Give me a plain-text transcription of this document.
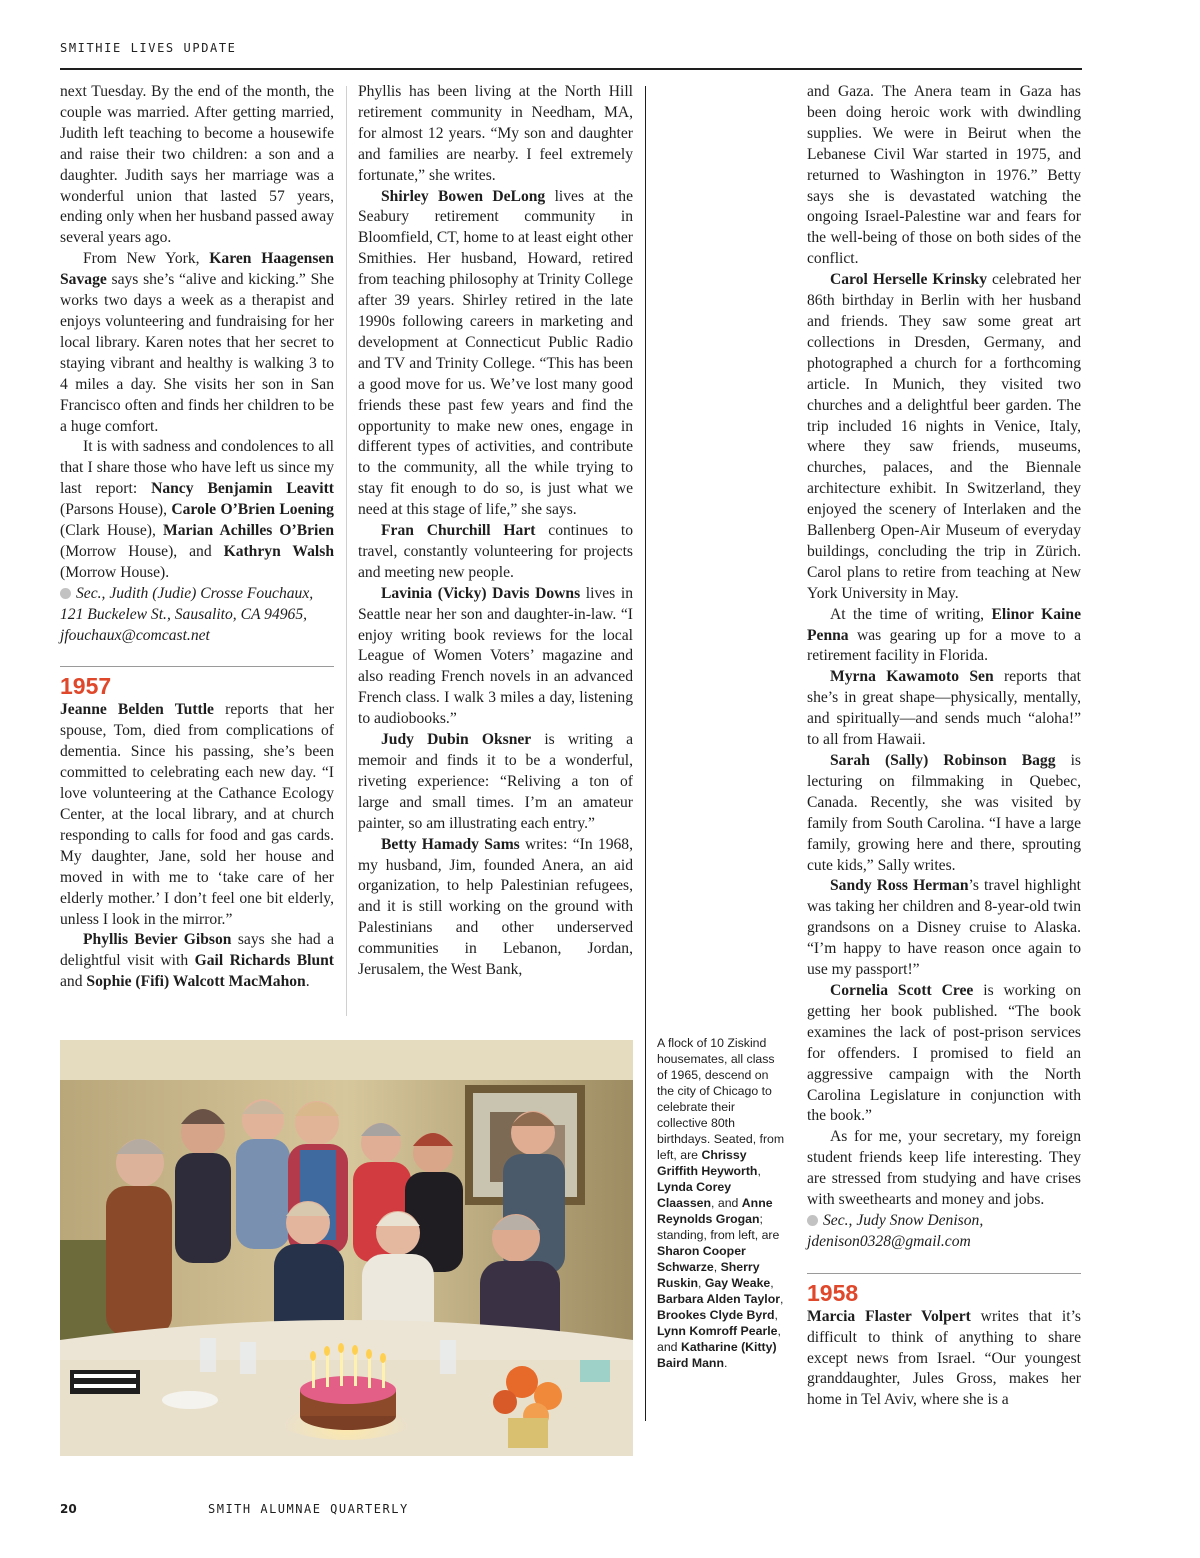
SMITHIE LIVES UPDATE

next Tuesday. By the end of the month, the couple was married. After getting married, Judith left teaching to become a housewife and raise their two children: a son and a daughter. Judith says her marriage was a wonderful union that lasted 57 years, ending only when her husband passed away several years ago.

From New York, Karen Haagensen Savage says she’s “alive and kicking.” She works two days a week as a therapist and enjoys volunteering and fundraising for her local library. Karen notes that her secret to staying vibrant and healthy is walking 3 to 4 miles a day. She visits her son in San Francisco often and finds her children to be a huge comfort.

It is with sadness and condolences to all that I share those who have left us since my last report: Nancy Benjamin Leavitt (Parsons House), Carole O’Brien Loening (Clark House), Marian Achilles O’Brien (Morrow House), and Kathryn Walsh (Morrow House).

Sec., Judith (Judie) Crosse Fouchaux, 121 Buckelew St., Sausalito, CA 94965, jfouchaux@comcast.net

1957

Jeanne Belden Tuttle reports that her spouse, Tom, died from complications of dementia. Since his passing, she’s been committed to celebrating each new day. “I love volunteering at the Cathance Ecology Center, at the local library, and at church responding to calls for food and gas cards. My daughter, Jane, sold her house and moved in with me to ‘take care of her elderly mother.’ I don’t feel one bit elderly, unless I look in the mirror.”

Phyllis Bevier Gibson says she had a delightful visit with Gail Richards Blunt and Sophie (Fifi) Walcott MacMahon.

Phyllis has been living at the North Hill retirement community in Needham, MA, for almost 12 years. “My son and daughter and families are nearby. I feel extremely fortunate,” she writes.

Shirley Bowen DeLong lives at the Seabury retirement community in Bloomfield, CT, home to at least eight other Smithies. Her husband, Howard, retired from teaching philosophy at Trinity College after 39 years. Shirley retired in the late 1990s following careers in marketing and development at Connecticut Public Radio and TV and Trinity College. “This has been a good move for us. We’ve lost many good friends these past few years and find the opportunity to make new ones, engage in different types of activities, and contribute to the community, all the while trying to stay fit enough to do so, is just what we need at this stage of life,” she says.

Fran Churchill Hart continues to travel, constantly volunteering for projects and meeting new people.

Lavinia (Vicky) Davis Downs lives in Seattle near her son and daughter-in-law. “I enjoy writing book reviews for the local League of Women Voters’ magazine and also reading French novels in an advanced French class. I walk 3 miles a day, listening to audiobooks.”

Judy Dubin Oksner is writing a memoir and finds it to be a wonderful, riveting experience: “Reliving a ton of large and small times. I’m an amateur painter, so am illustrating each entry.”

Betty Hamady Sams writes: “In 1968, my husband, Jim, founded Anera, an aid organization, to help Palestinian refugees, and it is still working on the ground with Palestinians and other underserved communities in Lebanon, Jordan, Jerusalem, the West Bank,

and Gaza. The Anera team in Gaza has been doing heroic work with dwindling supplies. We were in Beirut when the Lebanese Civil War started in 1975, and returned to Washington in 1976.” Betty says she is devastated watching the ongoing Israel-Palestine war and fears for the well-being of those on both sides of the conflict.

Carol Herselle Krinsky celebrated her 86th birthday in Berlin with her husband and friends. They saw some great art collections in Dresden, Germany, and photographed a church for a forthcoming article. In Munich, they visited two churches and a delightful beer garden. The trip included 16 nights in Venice, Italy, where they saw friends, museums, churches, palaces, and the Biennale architecture exhibit. In Switzerland, they enjoyed the scenery of Interlaken and the Ballenberg Open-Air Museum of everyday buildings, concluding the trip in Zürich. Carol plans to retire from teaching at New York University in May.

At the time of writing, Elinor Kaine Penna was gearing up for a move to a retirement facility in Florida.

Myrna Kawamoto Sen reports that she’s in great shape—physically, mentally, and spiritually—and sends much “aloha!” to all from Hawaii.

Sarah (Sally) Robinson Bagg is lecturing on filmmaking in Quebec, Canada. Recently, she was visited by family from South Carolina. “I have a large family, growing here and there, sprouting cute kids,” Sally writes.

Sandy Ross Herman’s travel highlight was taking her children and 8-year-old twin grandsons on a Disney cruise to Alaska. “I’m happy to have reason once again to use my passport!”

Cornelia Scott Cree is working on getting her book published. “The book examines the lack of post-prison services for offenders. I promised to field an aggressive campaign with the North Carolina Legislature in conjunction with the book.”

As for me, your secretary, my foreign student friends keep life interesting. They are stressed from studying and have crises with sweethearts and money and jobs.

Sec., Judy Snow Denison, jdenison0328@gmail.com

1958

Marcia Flaster Volpert writes that it’s difficult to think of anything to share except news from Israel. “Our youngest granddaughter, Jules Gross, makes her home in Tel Aviv, where she is a

A flock of 10 Ziskind housemates, all class of 1965, descend on the city of Chicago to celebrate their collective 80th birthdays. Seated, from left, are Chrissy Griffith Heyworth, Lynda Corey Claassen, and Anne Reynolds Grogan; standing, from left, are Sharon Cooper Schwarze, Sherry Ruskin, Gay Weake, Barbara Alden Taylor, Brookes Clyde Byrd, Lynn Komroff Pearle, and Katharine (Kitty) Baird Mann.
20	SMITH ALUMNAE QUARTERLY
